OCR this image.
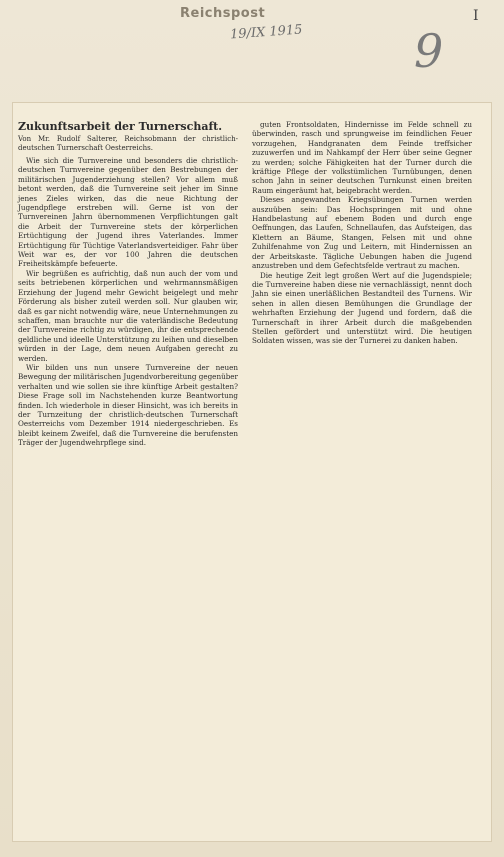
Reichspost
19/IX 1915
I
9
Zukunftsarbeit der Turnerschaft.
Von Mr. Rudolf Salterer, Reichsobmann der christlich-deutschen Turnerschaft Oesterreichs.

Wie sich die Turnvereine und besonders die christlich-deutschen Turnvereine gegenüber den Bestrebungen der militärischen Jugenderziehung stellen? Vor allem muß betont werden, daß die Turnvereine seit jeher im Sinne jenes Zieles wirken, das die neue Richtung der Jugendpflege erstreben will. Gerne ist von der Turnvereinen Jahrn übernommenen Verpflichtungen galt die Arbeit der Turnvereine stets der körperlichen Ertüchtigung der Jugend ihres Vaterlandes. Immer Ertüchtigung für Tüchtige Vaterlandsverteidiger. Fahr über Weit war es, der vor 100 Jahren die deutschen Freiheitskämpfe befeuerte.

Wir begrüßen es aufrichtig, daß nun auch der vom und seits betriebenen körperlichen und wehrmannsmäßigen Erziehung der Jugend mehr Gewicht beigelegt und mehr Förderung als bisher zuteil werden soll. Nur glauben wir, daß es gar nicht notwendig wäre, neue Unternehmungen zu schaffen, man brauchte nur die vaterländische Bedeutung der Turnvereine richtig zu würdigen, ihr die entsprechende geldliche und ideelle Unterstützung zu leihen und dieselben würden in der Lage, dem neuen Aufgaben gerecht zu werden.

Wir bilden uns nun unsere Turnvereine der neuen Bewegung der militärischen Jugendvorbereitung gegenüber verhalten und wie sollen sie ihre künftige Arbeit gestalten? Diese Frage soll im Nachstehenden kurze Beantwortung finden. Ich wiederhole in dieser Hinsicht, was ich bereits in der Turnzeitung der christlich-deutschen Turnerschaft Oesterreichs vom Dezember 1914 niedergeschrieben. Es bleibt keinem Zweifel, daß die Turnvereine die berufensten Träger der Jugendwehrpflege sind.

guten Frontsoldaten, Hindernisse im Felde schnell zu überwinden, rasch und sprungweise im feindlichen Feuer vorzugehen, Handgranaten dem Feinde treffsicher zuzuwerfen und im Nahkampf der Herr über seine Gegner zu werden; solche Fähigkeiten hat der Turner durch die kräftige Pflege der volkstümlichen Turnübungen, denen schon Jahn in seiner deutschen Turnkunst einen breiten Raum eingeräumt hat, beigebracht werden.

Dieses angewandten Kriegsübungen Turnen werden auszuüben sein: Das Hochspringen mit und ohne Handbelastung auf ebenem Boden und durch enge Oeffnungen, das Laufen, Schnellaufen, das Aufsteigen, das Klettern an Bäume, Stangen, Felsen mit und ohne Zuhilfenahme von Zug und Leitern, mit Hindernissen an der Arbeitskaste. Tägliche Uebungen haben die Jugend anzustreben und dem Gefechtsfelde vertraut zu machen.

Die heutige Zeit legt großen Wert auf die Jugendspiele; die Turnvereine haben diese nie vernachlässigt, nennt doch Jahn sie einen unerläßlichen Bestandteil des Turnens. Wir sehen in allen diesen Bemühungen die Grundlage der wehrhaften Erziehung der Jugend und fordern, daß die Turnerschaft in ihrer Arbeit durch die maßgebenden Stellen gefördert und unterstützt wird. Die heutigen Soldaten wissen, was sie der Turnerei zu danken haben.
